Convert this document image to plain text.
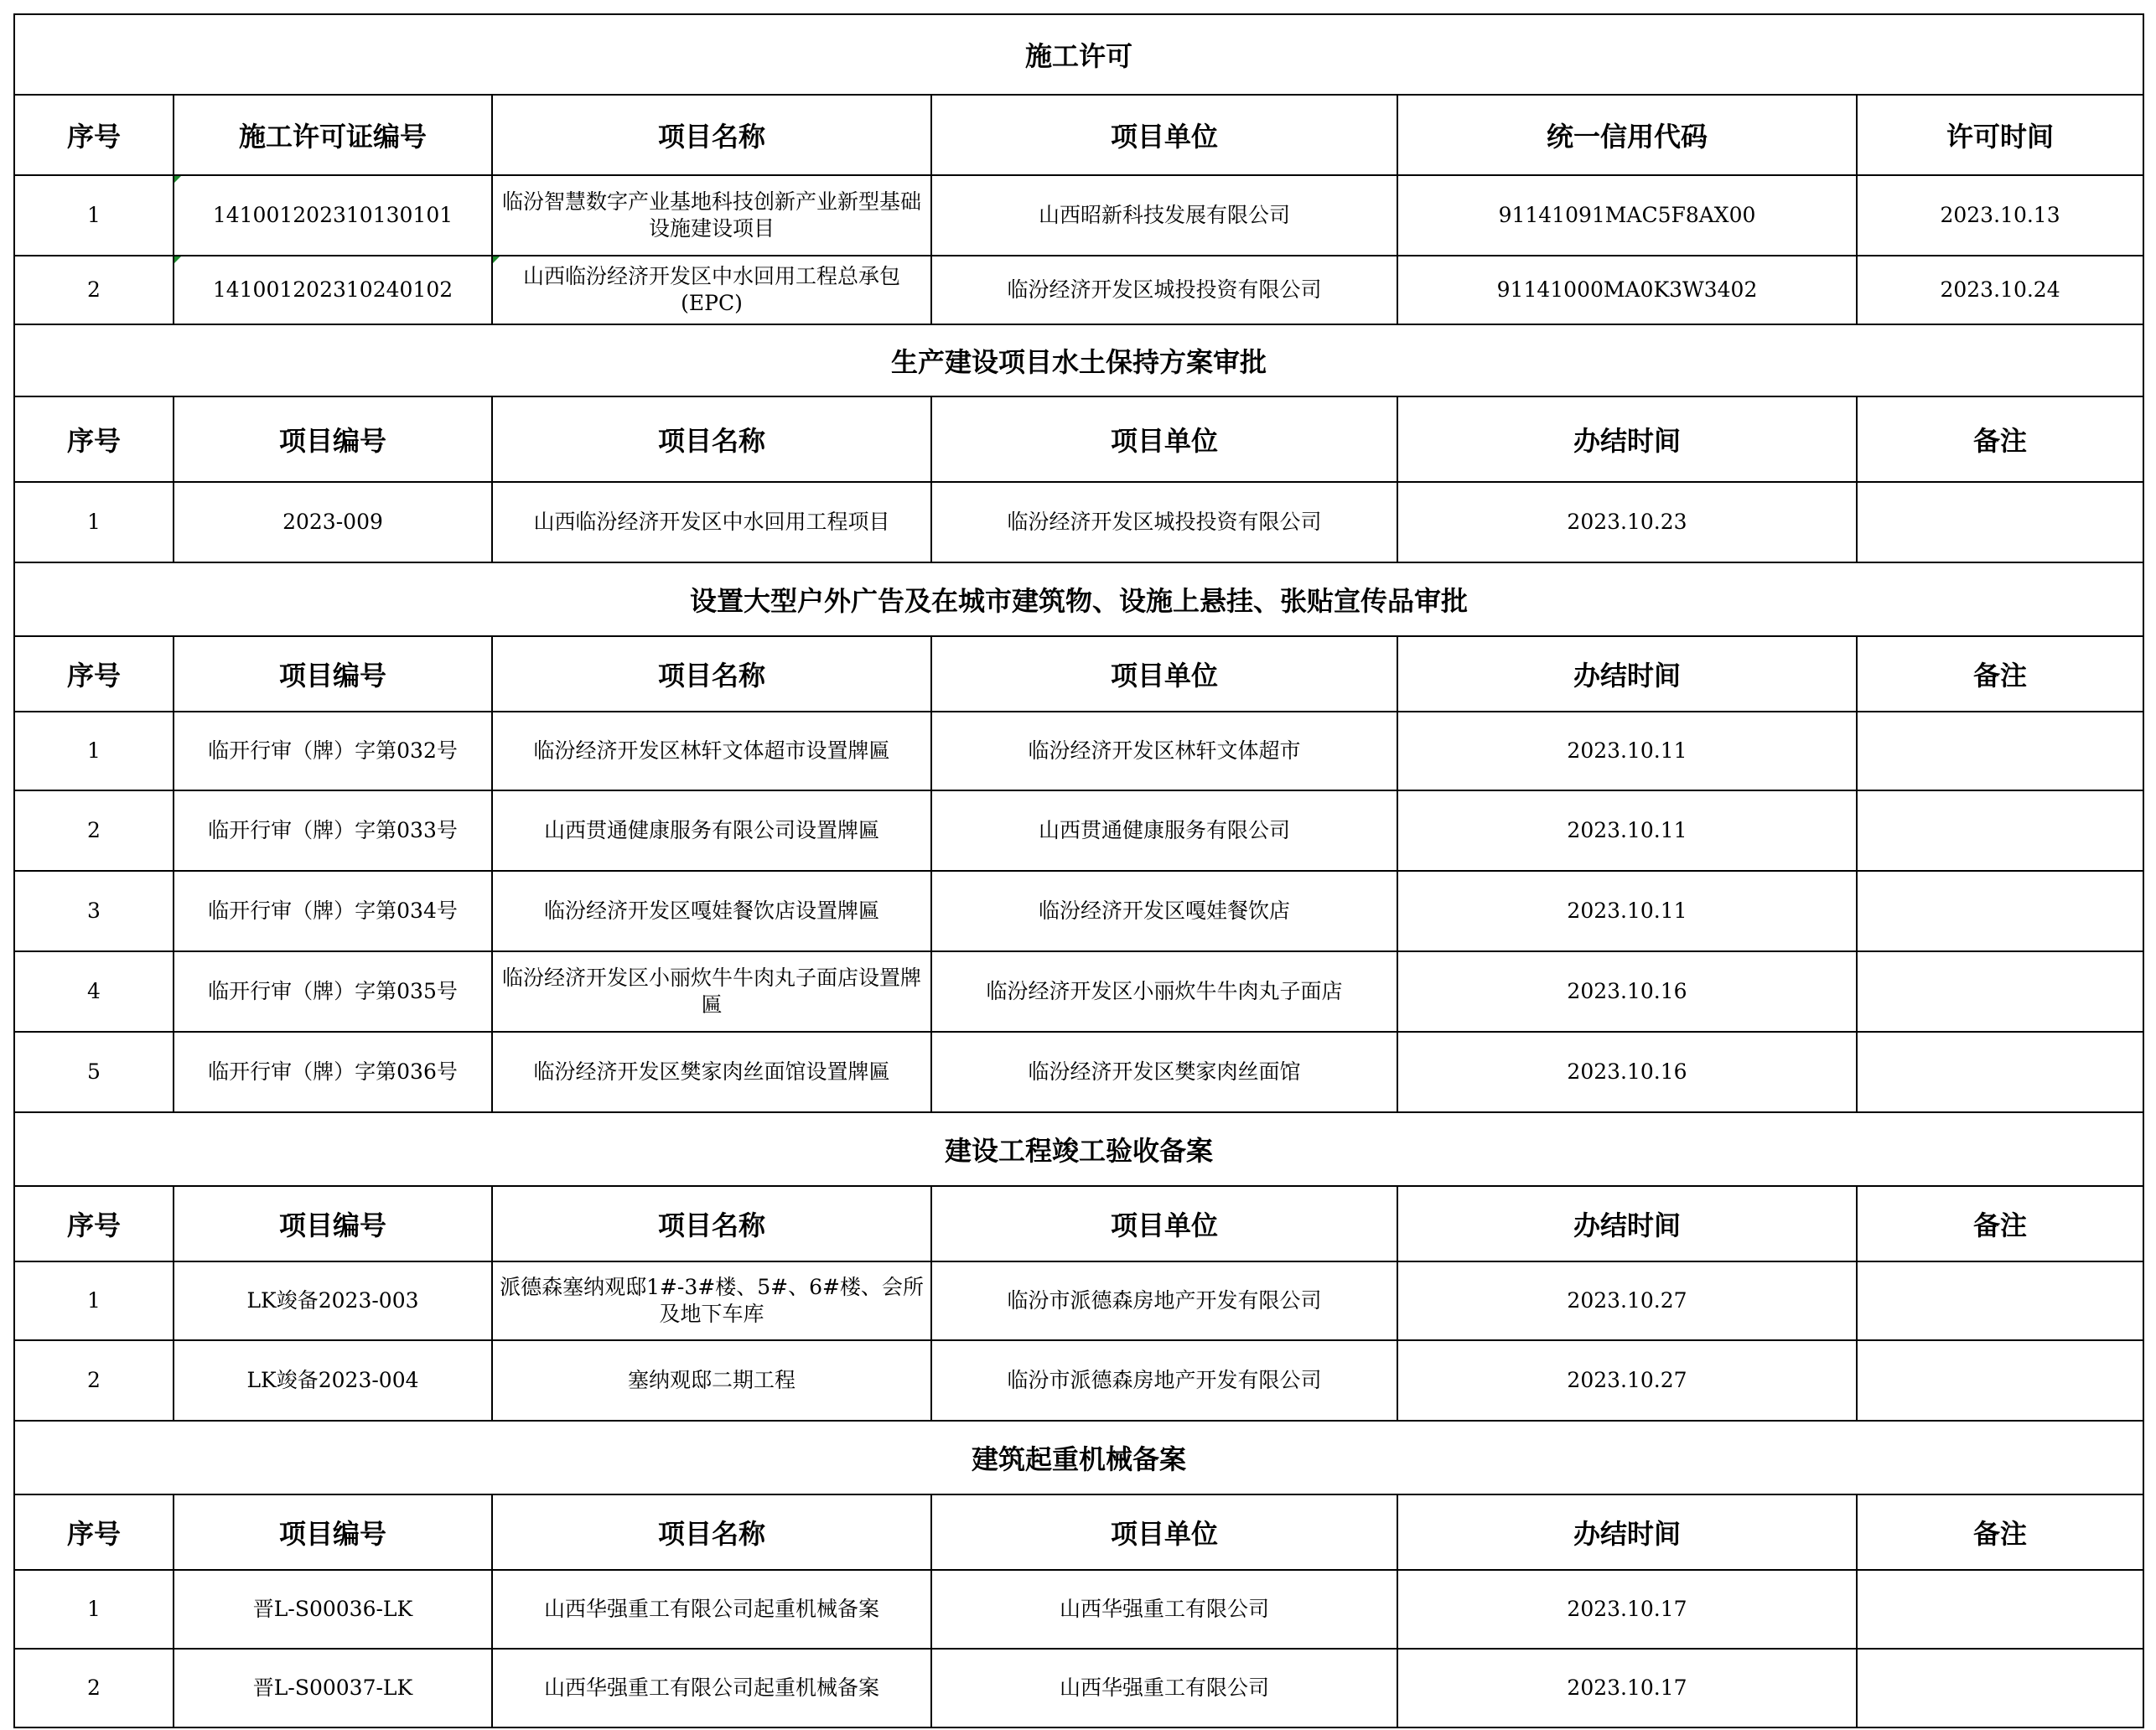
施工许可					
序号	施工许可证编号	项目名称	项目单位	统一信用代码	许可时间
1	141001202310130101	临汾智慧数字产业基地科技创新产业新型基础设施建设项目	山西昭新科技发展有限公司	91141091MAC5F8AX00	2023.10.13
2	141001202310240102	山西临汾经济开发区中水回用工程总承包(EPC)	临汾经济开发区城投投资有限公司	91141000MA0K3W3402	2023.10.24
生产建设项目水土保持方案审批					
序号	项目编号	项目名称	项目单位	办结时间	备注
1	2023-009	山西临汾经济开发区中水回用工程项目	临汾经济开发区城投投资有限公司	2023.10.23	
设置大型户外广告及在城市建筑物、设施上悬挂、张贴宣传品审批					
序号	项目编号	项目名称	项目单位	办结时间	备注
1	临开行审（牌）字第032号	临汾经济开发区林轩文体超市设置牌匾	临汾经济开发区林轩文体超市	2023.10.11	
2	临开行审（牌）字第033号	山西贯通健康服务有限公司设置牌匾	山西贯通健康服务有限公司	2023.10.11	
3	临开行审（牌）字第034号	临汾经济开发区嘎娃餐饮店设置牌匾	临汾经济开发区嘎娃餐饮店	2023.10.11	
4	临开行审（牌）字第035号	临汾经济开发区小丽炊牛牛肉丸子面店设置牌匾	临汾经济开发区小丽炊牛牛肉丸子面店	2023.10.16	
5	临开行审（牌）字第036号	临汾经济开发区樊家肉丝面馆设置牌匾	临汾经济开发区樊家肉丝面馆	2023.10.16	
建设工程竣工验收备案					
序号	项目编号	项目名称	项目单位	办结时间	备注
1	LK竣备2023-003	派德森塞纳观邸1#-3#楼、5#、6#楼、会所及地下车库	临汾市派德森房地产开发有限公司	2023.10.27	
2	LK竣备2023-004	塞纳观邸二期工程	临汾市派德森房地产开发有限公司	2023.10.27	
建筑起重机械备案					
序号	项目编号	项目名称	项目单位	办结时间	备注
1	晋L-S00036-LK	山西华强重工有限公司起重机械备案	山西华强重工有限公司	2023.10.17	
2	晋L-S00037-LK	山西华强重工有限公司起重机械备案	山西华强重工有限公司	2023.10.17	
